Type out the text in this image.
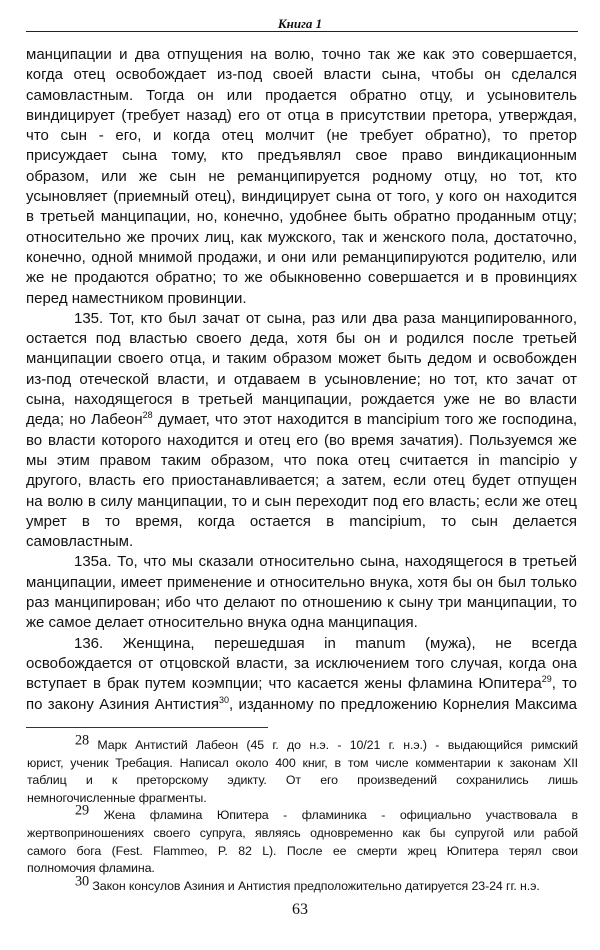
Книга 1
манципации и два отпущения на волю, точно так же как это совершается,
когда отец освобождает из-под своей власти сына, чтобы он сделался
самовластным. Тогда он или продается обратно отцу, и усыновитель
виндицирует (требует назад) его от отца в присутствии претора, утверждая,
что сын - его, и когда отец молчит (не требует обратно), то претор
присуждает сына тому, кто предъявлял свое право виндикационным
образом, или же сын не реманципируется родному отцу, но тот, кто
усыновляет (приемный отец), виндицирует сына от того, у кого он находится
в третьей манципации, но, конечно, удобнее быть обратно проданным отцу;
относительно же прочих лиц, как мужского, так и женского пола, достаточно,
конечно, одной мнимой продажи, и они или реманципируются родителю, или
же не продаются обратно; то же обыкновенно совершается и в провинциях
перед наместником провинции.
135. Тот, кто был зачат от сына, раз или два раза манципированного,
остается под властью своего деда, хотя бы он и родился после третьей
манципации своего отца, и таким образом может быть дедом и освобожден
из-под отеческой власти, и отдаваем в усыновление; но тот, кто зачат от
сына, находящегося в третьей манципации, рождается уже не во власти
деда; но Лабеон$^{28}$ думает, что этот находится в mancipium того же господина,
во власти которого находится и отец его (во время зачатия). Пользуемся же
мы этим правом таким образом, что пока отец считается in mancipio у
другого, власть его приостанавливается; а затем, если отец будет отпущен
на волю в силу манципации, то и сын переходит под его власть; если же отец
умрет в то время, когда остается в mancipium, то сын делается
самовластным.
135а. То, что мы сказали относительно сына, находящегося в третьей
манципации, имеет применение и относительно внука, хотя бы он был только
раз манципирован; ибо что делают по отношению к сыну три манципации, то
же самое делает относительно внука одна манципация.
136. Женщина, перешедшая in manum (мужа), не всегда
освобождается от отцовской власти, за исключением того случая, когда она
вступает в брак путем коэмпции; что касается жены фламина Юпитера$^{29}$, то
по закону Азиния Антистия$^{30}$, изданному по предложению Корнелия Максима
28 Марк Антистий Лабеон (45 г. до н.э. - 10/21 г. н.э.) - выдающийся римский
юрист, ученик Требация. Написал около 400 книг, в том числе комментарии к законам XII
таблиц и к преторскому эдикту. От его произведений сохранились лишь
немногочисленные фрагменты.
29 Жена фламина Юпитера - фламиника - официально участвовала в
жертвоприношениях своего супруга, являясь одновременно как бы супругой или рабой
самого бога (Fest. Flammeo, P. 82 L). После ее смерти жрец Юпитера терял свои
полномочия фламина.
30 Закон консулов Азиния и Антистия предположительно датируется 23-24 гг. н.э.
63
